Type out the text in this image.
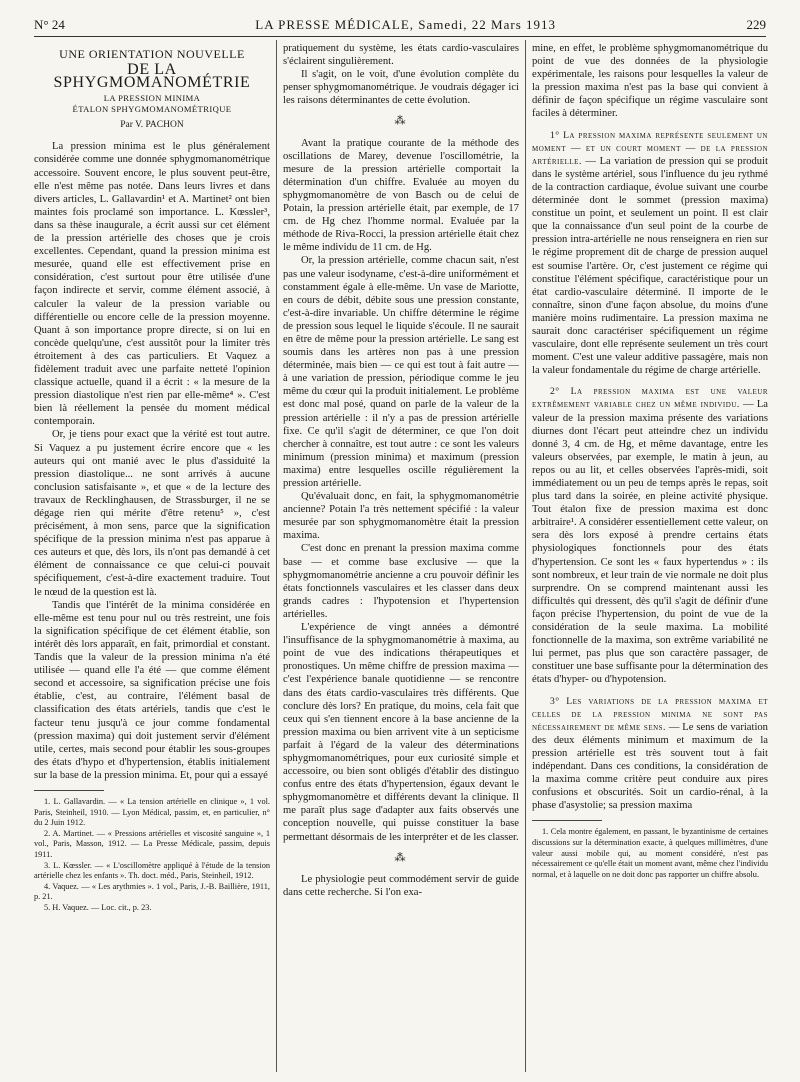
N° 24	LA PRESSE MÉDICALE, Samedi, 22 Mars 1913	229
UNE ORIENTATION NOUVELLE
DE LA SPHYGMOMANOMÉTRIE
LA PRESSION MINIMA
ÉTALON SPHYGMOMANOMÉTRIQUE
Par V. PACHON

La pression minima est le plus généralement considérée comme une donnée sphygmomanométrique accessoire. Souvent encore, le plus souvent peut-être, elle n'est même pas notée. Dans leurs livres et dans divers articles, L. Gallavardin¹ et A. Martinet² ont bien maintes fois proclamé son importance. L. Kœssler³, dans sa thèse inaugurale, a écrit aussi sur cet élément de la pression artérielle des choses que je crois excellentes. Cependant, quand la pression minima est mesurée, quand elle est effectivement prise en considération, c'est surtout pour être utilisée d'une façon indirecte et servir, comme élément associé, à calculer la valeur de la pression variable ou différentielle ou encore celle de la pression moyenne. Quant à son importance propre directe, si on lui en concède quelqu'une, c'est aussitôt pour la limiter très étroitement à des cas particuliers. Et Vaquez a fidèlement traduit avec une parfaite netteté l'opinion classique actuelle, quand il a écrit : « la mesure de la pression diastolique n'est rien par elle-même⁴ ». C'est bien là réellement la pensée du moment médical contemporain.

Or, je tiens pour exact que la vérité est tout autre. Si Vaquez a pu justement écrire encore que « les auteurs qui ont manié avec le plus d'assiduité la pression diastolique... ne sont arrivés à aucune conclusion satisfaisante », et que « de la lecture des travaux de Recklinghausen, de Strassburger, il ne se dégage rien qui mérite d'être retenu⁵ », c'est précisément, à mon sens, parce que la signification spécifique de la pression minima n'est pas apparue à ces auteurs et que, dès lors, ils n'ont pas demandé à cet élément de connaissance ce que celui-ci pouvait spécifiquement, c'est-à-dire exactement traduire. Tout le nœud de la question est là.

Tandis que l'intérêt de la minima considérée en elle-même est tenu pour nul ou très restreint, une fois la signification spécifique de cet élément établie, son intérêt dès lors apparaît, en fait, primordial et constant. Tandis que la valeur de la pression minima n'a été utilisée — quand elle l'a été — que comme élément second et accessoire, sa signification précise une fois établie, c'est, au contraire, l'élément basal de classification des états artériels, tandis que c'est le facteur tenu jusqu'à ce jour comme fondamental (pression maxima) qui doit justement servir d'élément utile, certes, mais second pour établir les sous-groupes des états d'hypo et d'hypertension, établis initialement sur la base de la pression minima. Et, pour qui a essayé

1. L. Gallavardin. — « La tension artérielle en clinique », 1 vol. Paris, Steinheil, 1910. — Lyon Médical, passim, et, en particulier, n° du 2 Juin 1912.

2. A. Martinet. — « Pressions artérielles et viscosité sanguine », 1 vol., Paris, Masson, 1912. — La Presse Médicale, passim, depuis 1911.

3. L. Kœssler. — « L'oscillomètre appliqué à l'étude de la tension artérielle chez les enfants ». Th. doct. méd., Paris, Steinheil, 1912.

4. Vaquez. — « Les arythmies ». 1 vol., Paris, J.-B. Baillière, 1911, p. 21.

5. H. Vaquez. — Loc. cit., p. 23.

pratiquement du système, les états cardio-vasculaires s'éclairent singulièrement.

Il s'agit, on le voit, d'une évolution complète du penser sphygmomanométrique. Je voudrais dégager ici les raisons déterminantes de cette évolution.

⁂

Avant la pratique courante de la méthode des oscillations de Marey, devenue l'oscillométrie, la mesure de la pression artérielle comportait la détermination d'un chiffre. Evaluée au moyen du sphygmomanomètre de von Basch ou de celui de Potain, la pression artérielle était, par exemple, de 17 cm. de Hg chez l'homme normal. Evaluée par la méthode de Riva-Rocci, la pression artérielle était chez le même individu de 11 cm. de Hg.

Or, la pression artérielle, comme chacun sait, n'est pas une valeur isodyname, c'est-à-dire uniformément et constamment égale à elle-même. Un vase de Mariotte, en cours de débit, débite sous une pression constante, c'est-à-dire invariable. Un chiffre détermine le régime de pression sous lequel le liquide s'écoule. Il ne saurait en être de même pour la pression artérielle. Le sang est soumis dans les artères non pas à une pression déterminée, mais bien — ce qui est tout à fait autre — à une variation de pression, périodique comme le jeu même du cœur qui la produit initialement. Le problème est donc mal posé, quand on parle de la valeur de la pression artérielle : il n'y a pas de pression artérielle fixe. Ce qu'il s'agit de déterminer, ce que l'on doit chercher à connaître, est tout autre : ce sont les valeurs minimum (pression minima) et maximum (pression maxima) entre lesquelles oscille régulièrement la pression artérielle.

Qu'évaluait donc, en fait, la sphygmomanométrie ancienne? Potain l'a très nettement spécifié : la valeur mesurée par son sphygmomanomètre était la pression maxima.

C'est donc en prenant la pression maxima comme base — et comme base exclusive — que la sphygmomanométrie ancienne a cru pouvoir définir les états fonctionnels vasculaires et les classer dans deux grands cadres : l'hypotension et l'hypertension artérielles.

L'expérience de vingt années a démontré l'insuffisance de la sphygmomanométrie à maxima, au point de vue des indications thérapeutiques et pronostiques. Un même chiffre de pression maxima — c'est l'expérience banale quotidienne — se rencontre dans des états cardio-vasculaires très différents. Que conclure dès lors? En pratique, du moins, cela fait que ceux qui s'en tiennent encore à la base ancienne de la pression maxima ou bien arrivent vite à un septicisme parfait à l'égard de la valeur des déterminations sphygmomanométriques, pour eux curiosité simple et accessoire, ou bien sont obligés d'établir des distinguo confus entre des états d'hypertension, égaux devant le sphygmomanomètre et différents devant la clinique. Il me paraît plus sage d'adapter aux faits observés une conception nouvelle, qui puisse constituer la base permettant désormais de les interpréter et de les classer.

⁂

Le physiologie peut commodément servir de guide dans cette recherche. Si l'on exa-

mine, en effet, le problème sphygmomanométrique du point de vue des données de la physiologie expérimentale, les raisons pour lesquelles la valeur de la pression maxima n'est pas la base qui convient à définir de façon spécifique un régime vasculaire sont faciles à déterminer.

1° La pression maxima représente seulement un moment — et un court moment — de la pression artérielle. — La variation de pression qui se produit dans le système artériel, sous l'influence du jeu rythmé de la contraction cardiaque, évolue suivant une courbe déterminée dont le sommet (pression maxima) constitue un point, et seulement un point. Il est clair que la connaissance d'un seul point de la courbe de pression intra-artérielle ne nous renseignera en rien sur le régime proprement dit de charge de pression auquel est soumise l'artère. Or, c'est justement ce régime qui constitue l'élément spécifique, caractéristique pour un état cardio-vasculaire déterminé. Il importe de le connaître, sinon d'une façon absolue, du moins d'une manière moins rudimentaire. La pression maxima ne saurait donc caractériser spécifiquement un régime vasculaire, dont elle représente seulement un très court moment. C'est une valeur additive passagère, mais non la valeur fondamentale du régime de charge artérielle.

2° La pression maxima est une valeur extrêmement variable chez un même individu. — La valeur de la pression maxima présente des variations diurnes dont l'écart peut atteindre chez un individu donné 3, 4 cm. de Hg, et même davantage, entre les valeurs observées, par exemple, le matin à jeun, au repos ou au lit, et celles observées l'après-midi, soit immédiatement ou un peu de temps après le repas, soit plus tard dans la soirée, en pleine activité physique. Tout étalon fixe de pression maxima est donc arbitraire¹. A considérer essentiellement cette valeur, on sera dès lors exposé à prendre certains états physiologiques fonctionnels pour des états d'hypertension. Ce sont les « faux hypertendus » : ils sont nombreux, et leur train de vie normale ne doit plus surprendre. On se comprend maintenant aussi les difficultés qui dressent, dès qu'il s'agit de définir d'une façon précise l'hypertension, du point de vue de la considération de la seule maxima. La mobilité fonctionnelle de la maxima, son extrême variabilité ne lui permet, pas plus que son caractère passager, de constituer une base suffisante pour la détermination des états d'hyper- ou d'hypotension.

3° Les variations de la pression maxima et celles de la pression minima ne sont pas nécessairement de même sens. — Le sens de variation des deux éléments minimum et maximum de la pression artérielle est très souvent tout à fait indépendant. Dans ces conditions, la considération de la maxima comme critère peut conduire aux pires confusions et obscurités. Soit un cardio-rénal, à la phase d'asystolie; sa pression maxima

1. Cela montre également, en passant, le byzantinisme de certaines discussions sur la détermination exacte, à quelques millimètres, d'une valeur aussi mobile qui, au moment considéré, n'est pas nécessairement ce qu'elle était un moment avant, même chez l'individu normal, et à laquelle on ne doit donc pas rapporter un chiffre absolu.
